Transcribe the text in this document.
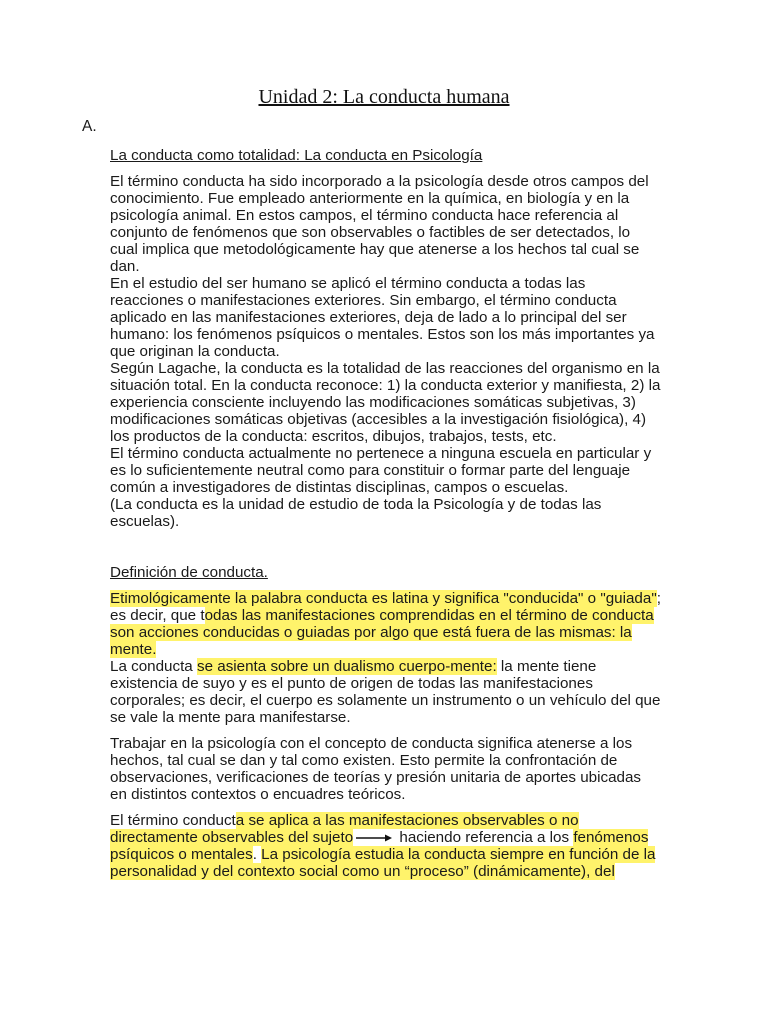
Unidad 2: La conducta humana
A.

La conducta como totalidad: La conducta en Psicología

El término conducta ha sido incorporado a la psicología desde otros campos del conocimiento. Fue empleado anteriormente en la química, en biología y en la psicología animal. En estos campos, el término conducta hace referencia al conjunto de fenómenos que son observables o factibles de ser detectados, lo cual implica que metodológicamente hay que atenerse a los hechos tal cual se dan.

En el estudio del ser humano se aplicó el término conducta a todas las reacciones o manifestaciones exteriores. Sin embargo, el término conducta aplicado en las manifestaciones exteriores, deja de lado a lo principal del ser humano: los fenómenos psíquicos o mentales. Estos son los más importantes ya que originan la conducta.

Según Lagache, la conducta es la totalidad de las reacciones del organismo en la situación total. En la conducta reconoce: 1) la conducta exterior y manifiesta, 2) la experiencia consciente incluyendo las modificaciones somáticas subjetivas, 3) modificaciones somáticas objetivas (accesibles a la investigación fisiológica), 4) los productos de la conducta: escritos, dibujos, trabajos, tests, etc.

El término conducta actualmente no pertenece a ninguna escuela en particular y es lo suficientemente neutral como para constituir o formar parte del lenguaje común a investigadores de distintas disciplinas, campos o escuelas.

(La conducta es la unidad de estudio de toda la Psicología y de todas las escuelas).

Definición de conducta.

Etimológicamente la palabra conducta es latina y significa "conducida" o "guiada"; es decir, que todas las manifestaciones comprendidas en el término de conducta son acciones conducidas o guiadas por algo que está fuera de las mismas: la mente.

La conducta se asienta sobre un dualismo cuerpo-mente: la mente tiene existencia de suyo y es el punto de origen de todas las manifestaciones corporales; es decir, el cuerpo es solamente un instrumento o un vehículo del que se vale la mente para manifestarse.

Trabajar en la psicología con el concepto de conducta significa atenerse a los hechos, tal cual se dan y tal como existen. Esto permite la confrontación de observaciones, verificaciones de teorías y presión unitaria de aportes ubicadas en distintos contextos o encuadres teóricos.

El término conducta se aplica a las manifestaciones observables o no directamente observables del sujeto	haciendo referencia a los fenómenos psíquicos o mentales. La psicología estudia la conducta siempre en función de la personalidad y del contexto social como un “proceso” (dinámicamente), del
